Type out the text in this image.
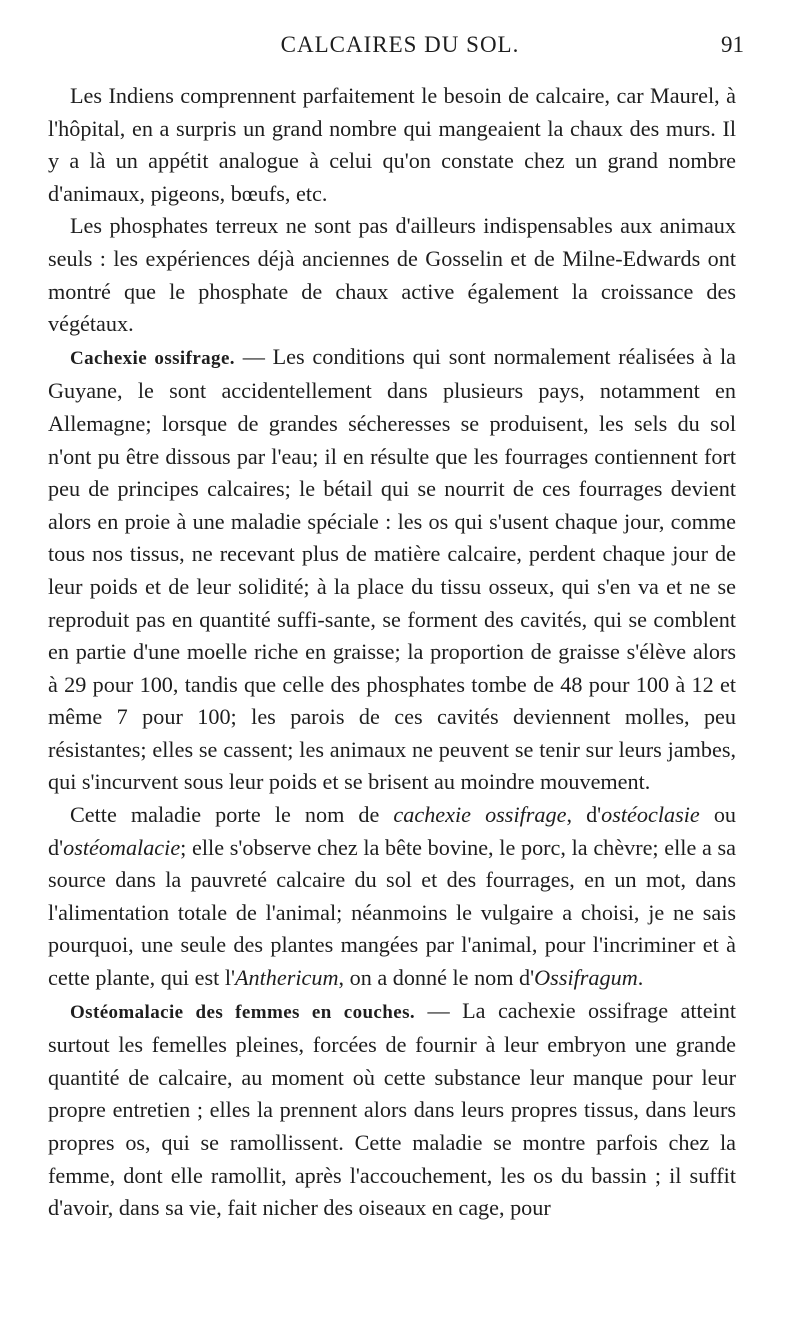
CALCAIRES DU SOL.	91

Les Indiens comprennent parfaitement le besoin de calcaire, car Maurel, à l'hôpital, en a surpris un grand nombre qui mangeaient la chaux des murs. Il y a là un appétit analogue à celui qu'on constate chez un grand nombre d'animaux, pigeons, bœufs, etc.

Les phosphates terreux ne sont pas d'ailleurs indispensables aux animaux seuls : les expériences déjà anciennes de Gosselin et de Milne-Edwards ont montré que le phosphate de chaux active également la croissance des végétaux.

Cachexie ossifrage. — Les conditions qui sont normalement réalisées à la Guyane, le sont accidentellement dans plusieurs pays, notamment en Allemagne; lorsque de grandes sécheresses se produisent, les sels du sol n'ont pu être dissous par l'eau; il en résulte que les fourrages contiennent fort peu de principes calcaires; le bétail qui se nourrit de ces fourrages devient alors en proie à une maladie spéciale : les os qui s'usent chaque jour, comme tous nos tissus, ne recevant plus de matière calcaire, perdent chaque jour de leur poids et de leur solidité; à la place du tissu osseux, qui s'en va et ne se reproduit pas en quantité suffi-sante, se forment des cavités, qui se comblent en partie d'une moelle riche en graisse; la proportion de graisse s'élève alors à 29 pour 100, tandis que celle des phosphates tombe de 48 pour 100 à 12 et même 7 pour 100; les parois de ces cavités deviennent molles, peu résistantes; elles se cassent; les animaux ne peuvent se tenir sur leurs jambes, qui s'incurvent sous leur poids et se brisent au moindre mouvement.

Cette maladie porte le nom de cachexie ossifrage, d'ostéoclasie ou d'ostéomalacie; elle s'observe chez la bête bovine, le porc, la chèvre; elle a sa source dans la pauvreté calcaire du sol et des fourrages, en un mot, dans l'alimentation totale de l'animal; néanmoins le vulgaire a choisi, je ne sais pourquoi, une seule des plantes mangées par l'animal, pour l'incriminer et à cette plante, qui est l'Anthericum, on a donné le nom d'Ossifragum.

Ostéomalacie des femmes en couches. — La cachexie ossifrage atteint surtout les femelles pleines, forcées de fournir à leur embryon une grande quantité de calcaire, au moment où cette substance leur manque pour leur propre entretien ; elles la prennent alors dans leurs propres tissus, dans leurs propres os, qui se ramollissent. Cette maladie se montre parfois chez la femme, dont elle ramollit, après l'accouchement, les os du bassin ; il suffit d'avoir, dans sa vie, fait nicher des oiseaux en cage, pour
